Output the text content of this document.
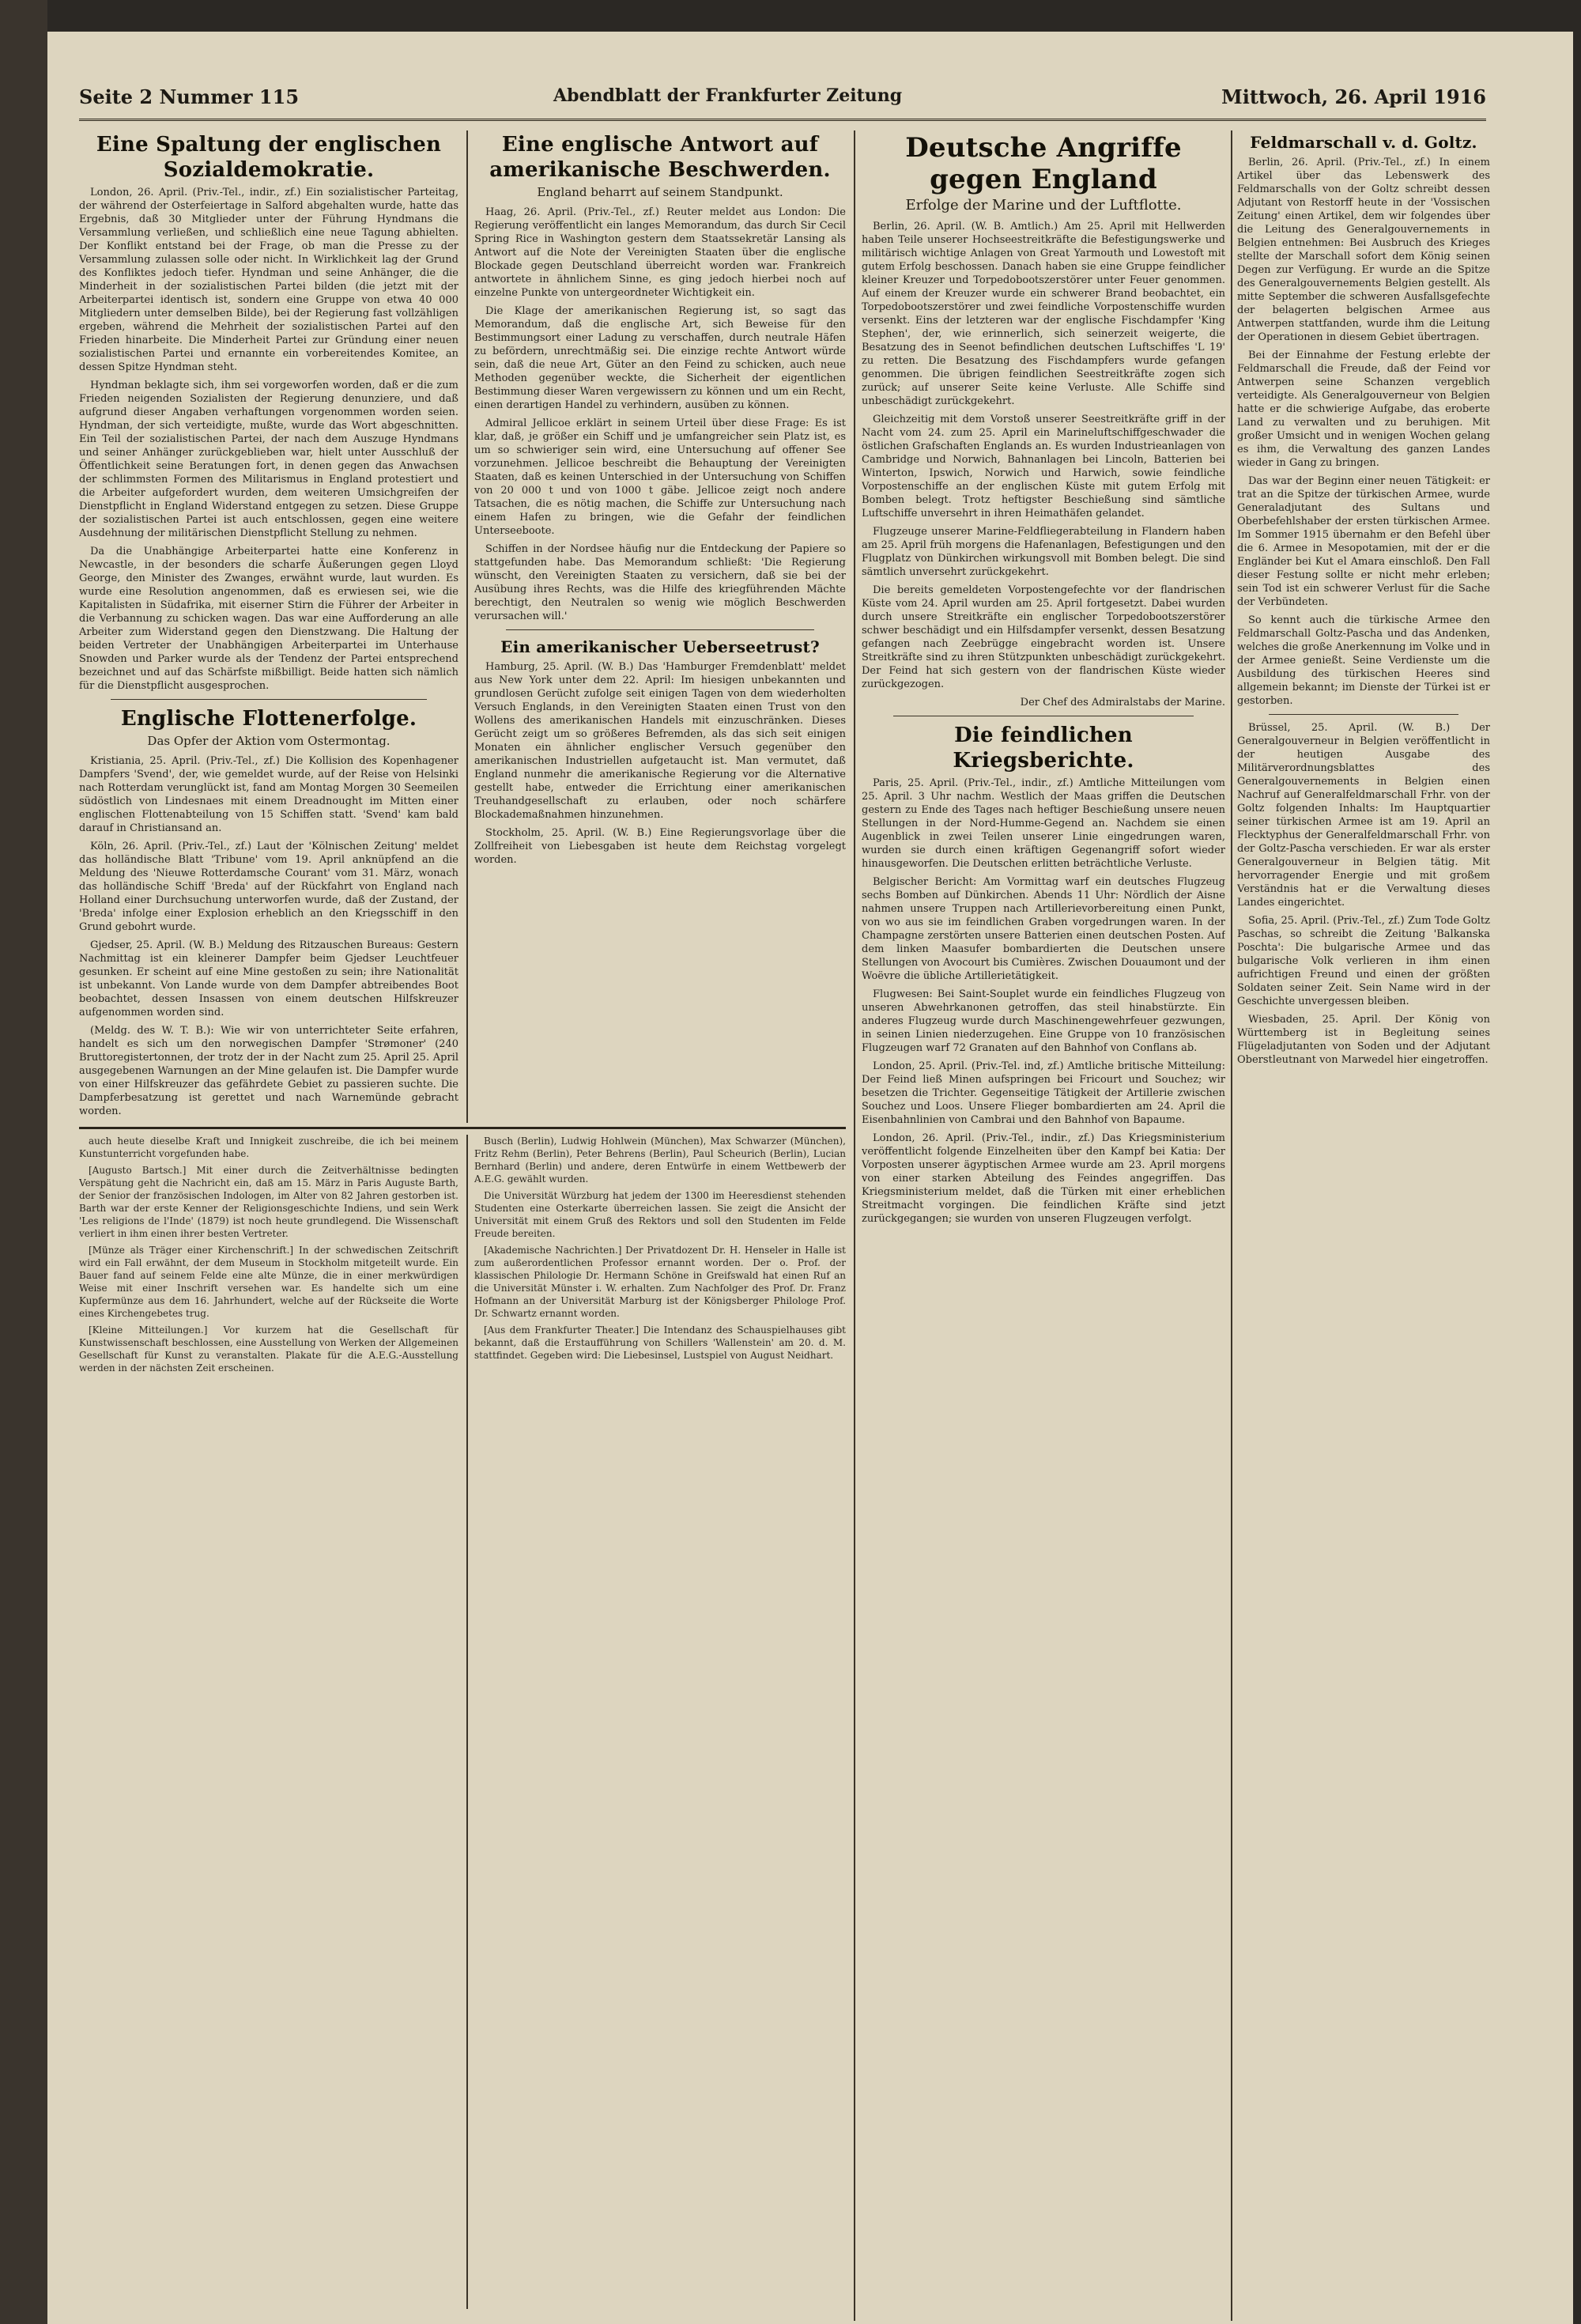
Seite 2 Nummer 115	Abendblatt der Frankfurter Zeitung	Mittwoch, 26. April 1916
Eine Spaltung der englischen Sozialdemokratie.

London, 26. April. (Priv.-Tel., indir., zf.) Ein sozialistischer Parteitag, der während der Osterfeiertage in Salford abgehalten wurde, hatte das Ergebnis, daß 30 Mitglieder unter der Führung Hyndmans die Versammlung verließen, und schließlich eine neue Tagung abhielten. Der Konflikt entstand bei der Frage, ob man die Presse zu der Versammlung zulassen solle oder nicht. In Wirklichkeit lag der Grund des Konfliktes jedoch tiefer. Hyndman und seine Anhänger, die die Minderheit in der sozialistischen Partei bilden (die jetzt mit der Arbeiterpartei identisch ist, sondern eine Gruppe von etwa 40 000 Mitgliedern unter demselben Bilde), bei der Regierung fast vollzähligen ergeben, während die Mehrheit der sozialistischen Partei auf den Frieden hinarbeite. Die Minderheit Partei zur Gründung einer neuen sozialistischen Partei und ernannte ein vorbereitendes Komitee, an dessen Spitze Hyndman steht.

Hyndman beklagte sich, ihm sei vorgeworfen worden, daß er die zum Frieden neigenden Sozialisten der Regierung denunziere, und daß aufgrund dieser Angaben verhaftungen vorgenommen worden seien. Hyndman, der sich verteidigte, mußte, wurde das Wort abgeschnitten. Ein Teil der sozialistischen Partei, der nach dem Auszuge Hyndmans und seiner Anhänger zurückgeblieben war, hielt unter Ausschluß der Öffentlichkeit seine Beratungen fort, in denen gegen das Anwachsen der schlimmsten Formen des Militarismus in England protestiert und die Arbeiter aufgefordert wurden, dem weiteren Umsichgreifen der Dienstpflicht in England Widerstand entgegen zu setzen. Diese Gruppe der sozialistischen Partei ist auch entschlossen, gegen eine weitere Ausdehnung der militärischen Dienstpflicht Stellung zu nehmen.

Da die Unabhängige Arbeiterpartei hatte eine Konferenz in Newcastle, in der besonders die scharfe Äußerungen gegen Lloyd George, den Minister des Zwanges, erwähnt wurde, laut wurden. Es wurde eine Resolution angenommen, daß es erwiesen sei, wie die Kapitalisten in Südafrika, mit eiserner Stirn die Führer der Arbeiter in die Verbannung zu schicken wagen. Das war eine Aufforderung an alle Arbeiter zum Widerstand gegen den Dienstzwang. Die Haltung der beiden Vertreter der Unabhängigen Arbeiterpartei im Unterhause Snowden und Parker wurde als der Tendenz der Partei entsprechend bezeichnet und auf das Schärfste mißbilligt. Beide hatten sich nämlich für die Dienstpflicht ausgesprochen.

Englische Flottenerfolge.
Das Opfer der Aktion vom Ostermontag.

Kristiania, 25. April. (Priv.-Tel., zf.) Die Kollision des Kopenhagener Dampfers 'Svend', der, wie gemeldet wurde, auf der Reise von Helsinki nach Rotterdam verunglückt ist, fand am Montag Morgen 30 Seemeilen südöstlich von Lindesnaes mit einem Dreadnought im Mitten einer englischen Flottenabteilung von 15 Schiffen statt. 'Svend' kam bald darauf in Christiansand an.

Köln, 26. April. (Priv.-Tel., zf.) Laut der 'Kölnischen Zeitung' meldet das holländische Blatt 'Tribune' vom 19. April anknüpfend an die Meldung des 'Nieuwe Rotterdamsche Courant' vom 31. März, wonach das holländische Schiff 'Breda' auf der Rückfahrt von England nach Holland einer Durchsuchung unterworfen wurde, daß der Zustand, der 'Breda' infolge einer Explosion erheblich an den Kriegsschiff in den Grund gebohrt wurde.

Gjedser, 25. April. (W. B.) Meldung des Ritzauschen Bureaus: Gestern Nachmittag ist ein kleinerer Dampfer beim Gjedser Leuchtfeuer gesunken. Er scheint auf eine Mine gestoßen zu sein; ihre Nationalität ist unbekannt. Von Lande wurde von dem Dampfer abtreibendes Boot beobachtet, dessen Insassen von einem deutschen Hilfskreuzer aufgenommen worden sind.

(Meldg. des W. T. B.): Wie wir von unterrichteter Seite erfahren, handelt es sich um den norwegischen Dampfer 'Strømoner' (240 Bruttoregistertonnen, der trotz der in der Nacht zum 25. April 25. April ausgegebenen Warnungen an der Mine gelaufen ist. Die Dampfer wurde von einer Hilfskreuzer das gefährdete Gebiet zu passieren suchte. Die Dampferbesatzung ist gerettet und nach Warnemünde gebracht worden.

Eine englische Antwort auf amerikanische Beschwerden.
England beharrt auf seinem Standpunkt.

Haag, 26. April. (Priv.-Tel., zf.) Reuter meldet aus London: Die Regierung veröffentlicht ein langes Memorandum, das durch Sir Cecil Spring Rice in Washington gestern dem Staatssekretär Lansing als Antwort auf die Note der Vereinigten Staaten über die englische Blockade gegen Deutschland überreicht worden war. Frankreich antwortete in ähnlichem Sinne, es ging jedoch hierbei noch auf einzelne Punkte von untergeordneter Wichtigkeit ein.

Die Klage der amerikanischen Regierung ist, so sagt das Memorandum, daß die englische Art, sich Beweise für den Bestimmungsort einer Ladung zu verschaffen, durch neutrale Häfen zu befördern, unrechtmäßig sei. Die einzige rechte Antwort würde sein, daß die neue Art, Güter an den Feind zu schicken, auch neue Methoden gegenüber weckte, die Sicherheit der eigentlichen Bestimmung dieser Waren vergewissern zu können und um ein Recht, einen derartigen Handel zu verhindern, ausüben zu können.

Admiral Jellicoe erklärt in seinem Urteil über diese Frage: Es ist klar, daß, je größer ein Schiff und je umfangreicher sein Platz ist, es um so schwieriger sein wird, eine Untersuchung auf offener See vorzunehmen. Jellicoe beschreibt die Behauptung der Vereinigten Staaten, daß es keinen Unterschied in der Untersuchung von Schiffen von 20 000 t und von 1000 t gäbe. Jellicoe zeigt noch andere Tatsachen, die es nötig machen, die Schiffe zur Untersuchung nach einem Hafen zu bringen, wie die Gefahr der feindlichen Unterseeboote.

Schiffen in der Nordsee häufig nur die Entdeckung der Papiere so stattgefunden habe. Das Memorandum schließt: 'Die Regierung wünscht, den Vereinigten Staaten zu versichern, daß sie bei der Ausübung ihres Rechts, was die Hilfe des kriegführenden Mächte berechtigt, den Neutralen so wenig wie möglich Beschwerden verursachen will.'

Ein amerikanischer Ueberseetrust?

Hamburg, 25. April. (W. B.) Das 'Hamburger Fremdenblatt' meldet aus New York unter dem 22. April: Im hiesigen unbekannten und grundlosen Gerücht zufolge seit einigen Tagen von dem wiederholten Versuch Englands, in den Vereinigten Staaten einen Trust von den Wollens des amerikanischen Handels mit einzuschränken. Dieses Gerücht zeigt um so größeres Befremden, als das sich seit einigen Monaten ein ähnlicher englischer Versuch gegenüber den amerikanischen Industriellen aufgetaucht ist. Man vermutet, daß England nunmehr die amerikanische Regierung vor die Alternative gestellt habe, entweder die Errichtung einer amerikanischen Treuhandgesellschaft zu erlauben, oder noch schärfere Blockademaßnahmen hinzunehmen.

Stockholm, 25. April. (W. B.) Eine Regierungsvorlage über die Zollfreiheit von Liebesgaben ist heute dem Reichstag vorgelegt worden.

Deutsche Angriffe gegen England
Erfolge der Marine und der Luftflotte.

Berlin, 26. April. (W. B. Amtlich.) Am 25. April mit Hellwerden haben Teile unserer Hochseestreitkräfte die Befestigungswerke und militärisch wichtige Anlagen von Great Yarmouth und Lowestoft mit gutem Erfolg beschossen. Danach haben sie eine Gruppe feindlicher kleiner Kreuzer und Torpedobootszerstörer unter Feuer genommen. Auf einem der Kreuzer wurde ein schwerer Brand beobachtet, ein Torpedobootszerstörer und zwei feindliche Vorpostenschiffe wurden versenkt. Eins der letzteren war der englische Fischdampfer 'King Stephen', der, wie erinnerlich, sich seinerzeit weigerte, die Besatzung des in Seenot befindlichen deutschen Luftschiffes 'L 19' zu retten. Die Besatzung des Fischdampfers wurde gefangen genommen. Die übrigen feindlichen Seestreitkräfte zogen sich zurück; auf unserer Seite keine Verluste. Alle Schiffe sind unbeschädigt zurückgekehrt.

Gleichzeitig mit dem Vorstoß unserer Seestreitkräfte griff in der Nacht vom 24. zum 25. April ein Marineluftschiffgeschwader die östlichen Grafschaften Englands an. Es wurden Industrieanlagen von Cambridge und Norwich, Bahnanlagen bei Lincoln, Batterien bei Winterton, Ipswich, Norwich und Harwich, sowie feindliche Vorpostenschiffe an der englischen Küste mit gutem Erfolg mit Bomben belegt. Trotz heftigster Beschießung sind sämtliche Luftschiffe unversehrt in ihren Heimathäfen gelandet.

Flugzeuge unserer Marine-Feldfliegerabteilung in Flandern haben am 25. April früh morgens die Hafenanlagen, Befestigungen und den Flugplatz von Dünkirchen wirkungsvoll mit Bomben belegt. Die sind sämtlich unversehrt zurückgekehrt.

Die bereits gemeldeten Vorpostengefechte vor der flandrischen Küste vom 24. April wurden am 25. April fortgesetzt. Dabei wurden durch unsere Streitkräfte ein englischer Torpedobootszerstörer schwer beschädigt und ein Hilfsdampfer versenkt, dessen Besatzung gefangen nach Zeebrügge eingebracht worden ist. Unsere Streitkräfte sind zu ihren Stützpunkten unbeschädigt zurückgekehrt. Der Feind hat sich gestern von der flandrischen Küste wieder zurückgezogen.

Der Chef des Admiralstabs der Marine.

Die feindlichen Kriegsberichte.

Paris, 25. April. (Priv.-Tel., indir., zf.) Amtliche Mitteilungen vom 25. April. 3 Uhr nachm. Westlich der Maas griffen die Deutschen gestern zu Ende des Tages nach heftiger Beschießung unsere neuen Stellungen in der Nord-Humme-Gegend an. Nachdem sie einen Augenblick in zwei Teilen unserer Linie eingedrungen waren, wurden sie durch einen kräftigen Gegenangriff sofort wieder hinausgeworfen. Die Deutschen erlitten beträchtliche Verluste.

Belgischer Bericht: Am Vormittag warf ein deutsches Flugzeug sechs Bomben auf Dünkirchen. Abends 11 Uhr: Nördlich der Aisne nahmen unsere Truppen nach Artillerievorbereitung einen Punkt, von wo aus sie im feindlichen Graben vorgedrungen waren. In der Champagne zerstörten unsere Batterien einen deutschen Posten. Auf dem linken Maasufer bombardierten die Deutschen unsere Stellungen von Avocourt bis Cumières. Zwischen Douaumont und der Woëvre die übliche Artillerietätigkeit.

Flugwesen: Bei Saint-Souplet wurde ein feindliches Flugzeug von unseren Abwehrkanonen getroffen, das steil hinabstürzte. Ein anderes Flugzeug wurde durch Maschinengewehrfeuer gezwungen, in seinen Linien niederzugehen. Eine Gruppe von 10 französischen Flugzeugen warf 72 Granaten auf den Bahnhof von Conflans ab.

London, 25. April. (Priv.-Tel. ind, zf.) Amtliche britische Mitteilung: Der Feind ließ Minen aufspringen bei Fricourt und Souchez; wir besetzen die Trichter. Gegenseitige Tätigkeit der Artillerie zwischen Souchez und Loos. Unsere Flieger bombardierten am 24. April die Eisenbahnlinien von Cambrai und den Bahnhof von Bapaume.

London, 26. April. (Priv.-Tel., indir., zf.) Das Kriegsministerium veröffentlicht folgende Einzelheiten über den Kampf bei Katia: Der Vorposten unserer ägyptischen Armee wurde am 23. April morgens von einer starken Abteilung des Feindes angegriffen. Das Kriegsministerium meldet, daß die Türken mit einer erheblichen Streitmacht vorgingen. Die feindlichen Kräfte sind jetzt zurückgegangen; sie wurden von unseren Flugzeugen verfolgt.

Feldmarschall v. d. Goltz.

Berlin, 26. April. (Priv.-Tel., zf.) In einem Artikel über das Lebenswerk des Feldmarschalls von der Goltz schreibt dessen Adjutant von Restorff heute in der 'Vossischen Zeitung' einen Artikel, dem wir folgendes über die Leitung des Generalgouvernements in Belgien entnehmen: Bei Ausbruch des Krieges stellte der Marschall sofort dem König seinen Degen zur Verfügung. Er wurde an die Spitze des Generalgouvernements Belgien gestellt. Als mitte September die schweren Ausfallsgefechte der belagerten belgischen Armee aus Antwerpen stattfanden, wurde ihm die Leitung der Operationen in diesem Gebiet übertragen.

Bei der Einnahme der Festung erlebte der Feldmarschall die Freude, daß der Feind vor Antwerpen seine Schanzen vergeblich verteidigte. Als Generalgouverneur von Belgien hatte er die schwierige Aufgabe, das eroberte Land zu verwalten und zu beruhigen. Mit großer Umsicht und in wenigen Wochen gelang es ihm, die Verwaltung des ganzen Landes wieder in Gang zu bringen.

Das war der Beginn einer neuen Tätigkeit: er trat an die Spitze der türkischen Armee, wurde Generaladjutant des Sultans und Oberbefehlshaber der ersten türkischen Armee. Im Sommer 1915 übernahm er den Befehl über die 6. Armee in Mesopotamien, mit der er die Engländer bei Kut el Amara einschloß. Den Fall dieser Festung sollte er nicht mehr erleben; sein Tod ist ein schwerer Verlust für die Sache der Verbündeten.

So kennt auch die türkische Armee den Feldmarschall Goltz-Pascha und das Andenken, welches die große Anerkennung im Volke und in der Armee genießt. Seine Verdienste um die Ausbildung des türkischen Heeres sind allgemein bekannt; im Dienste der Türkei ist er gestorben.

Brüssel, 25. April. (W. B.) Der Generalgouverneur in Belgien veröffentlicht in der heutigen Ausgabe des Militärverordnungsblattes des Generalgouvernements in Belgien einen Nachruf auf Generalfeldmarschall Frhr. von der Goltz folgenden Inhalts: Im Hauptquartier seiner türkischen Armee ist am 19. April an Flecktyphus der Generalfeldmarschall Frhr. von der Goltz-Pascha verschieden. Er war als erster Generalgouverneur in Belgien tätig. Mit hervorragender Energie und mit großem Verständnis hat er die Verwaltung dieses Landes eingerichtet.

Sofia, 25. April. (Priv.-Tel., zf.) Zum Tode Goltz Paschas, so schreibt die Zeitung 'Balkanska Poschta': Die bulgarische Armee und das bulgarische Volk verlieren in ihm einen aufrichtigen Freund und einen der größten Soldaten seiner Zeit. Sein Name wird in der Geschichte unvergessen bleiben.

Wiesbaden, 25. April. Der König von Württemberg ist in Begleitung seines Flügeladjutanten von Soden und der Adjutant Oberstleutnant von Marwedel hier eingetroffen.

auch heute dieselbe Kraft und Innigkeit zuschreibe, die ich bei meinem Kunstunterricht vorgefunden habe.

[Augusto Bartsch.] Mit einer durch die Zeitverhältnisse bedingten Verspätung geht die Nachricht ein, daß am 15. März in Paris Auguste Barth, der Senior der französischen Indologen, im Alter von 82 Jahren gestorben ist. Barth war der erste Kenner der Religionsgeschichte Indiens, und sein Werk 'Les religions de l'Inde' (1879) ist noch heute grundlegend. Die Wissenschaft verliert in ihm einen ihrer besten Vertreter.

[Münze als Träger einer Kirchenschrift.] In der schwedischen Zeitschrift wird ein Fall erwähnt, der dem Museum in Stockholm mitgeteilt wurde. Ein Bauer fand auf seinem Felde eine alte Münze, die in einer merkwürdigen Weise mit einer Inschrift versehen war. Es handelte sich um eine Kupfermünze aus dem 16. Jahrhundert, welche auf der Rückseite die Worte eines Kirchengebetes trug.

[Kleine Mitteilungen.] Vor kurzem hat die Gesellschaft für Kunstwissenschaft beschlossen, eine Ausstellung von Werken der Allgemeinen Gesellschaft für Kunst zu veranstalten. Plakate für die A.E.G.-Ausstellung werden in der nächsten Zeit erscheinen.

Busch (Berlin), Ludwig Hohlwein (München), Max Schwarzer (München), Fritz Rehm (Berlin), Peter Behrens (Berlin), Paul Scheurich (Berlin), Lucian Bernhard (Berlin) und andere, deren Entwürfe in einem Wettbewerb der A.E.G. gewählt wurden.

Die Universität Würzburg hat jedem der 1300 im Heeresdienst stehenden Studenten eine Osterkarte überreichen lassen. Sie zeigt die Ansicht der Universität mit einem Gruß des Rektors und soll den Studenten im Felde Freude bereiten.

[Akademische Nachrichten.] Der Privatdozent Dr. H. Henseler in Halle ist zum außerordentlichen Professor ernannt worden. Der o. Prof. der klassischen Philologie Dr. Hermann Schöne in Greifswald hat einen Ruf an die Universität Münster i. W. erhalten. Zum Nachfolger des Prof. Dr. Franz Hofmann an der Universität Marburg ist der Königsberger Philologe Prof. Dr. Schwartz ernannt worden.

[Aus dem Frankfurter Theater.] Die Intendanz des Schauspielhauses gibt bekannt, daß die Erstaufführung von Schillers 'Wallenstein' am 20. d. M. stattfindet. Gegeben wird: Die Liebesinsel, Lustspiel von August Neidhart.
